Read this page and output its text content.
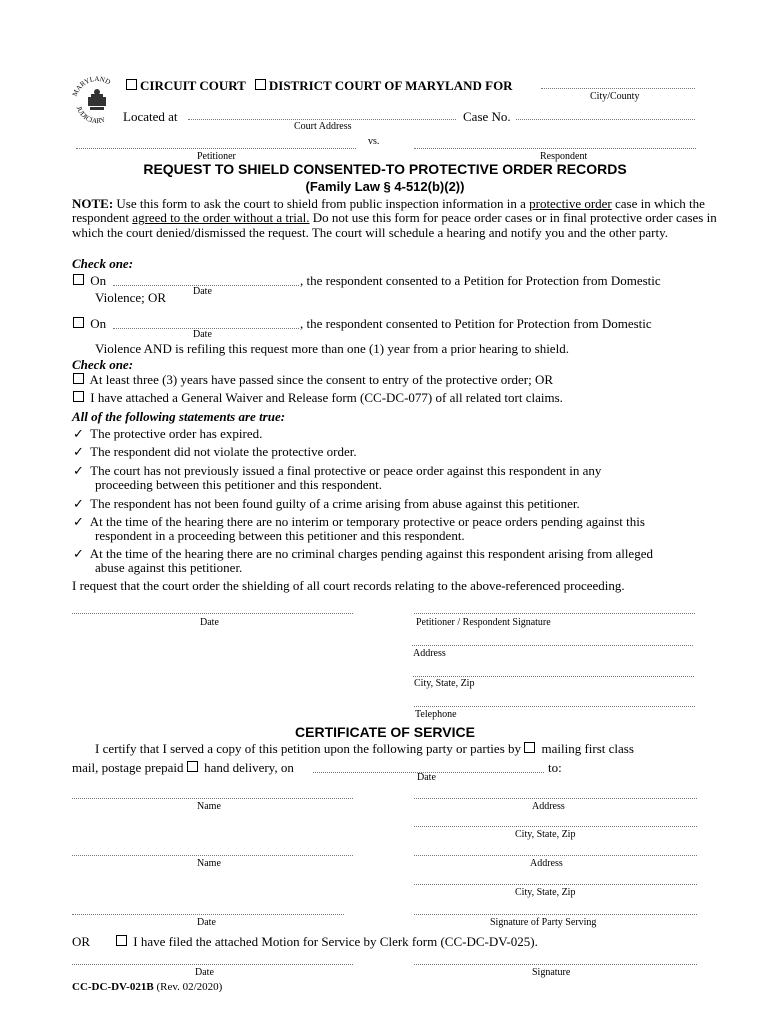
MARYLAND
JUDICIARY
CIRCUIT COURT DISTRICT COURT OF MARYLAND FOR
City/County
Located at
Court Address
Case No.
vs.
Petitioner	Respondent
REQUEST TO SHIELD CONSENTED-TO PROTECTIVE ORDER RECORDS
(Family Law § 4-512(b)(2))
NOTE: Use this form to ask the court to shield from public inspection information in a protective order case in which the respondent agreed to the order without a trial. Do not use this form for peace order cases or in final protective order cases in which the court denied/dismissed the request. The court will schedule a hearing and notify you and the other party.
Check one:
On
Date
, the respondent consented to a Petition for Protection from Domestic
Violence; OR
On
Date
, the respondent consented to Petition for Protection from Domestic
Violence AND is refiling this request more than one (1) year from a prior hearing to shield.
Check one:
At least three (3) years have passed since the consent to entry of the protective order; OR
I have attached a General Waiver and Release form (CC-DC-077) of all related tort claims.
All of the following statements are true:
✓ The protective order has expired.
✓ The respondent did not violate the protective order.
✓ The court has not previously issued a final protective or peace order against this respondent in any
proceeding between this petitioner and this respondent.
✓ The respondent has not been found guilty of a crime arising from abuse against this petitioner.
✓ At the time of the hearing there are no interim or temporary protective or peace orders pending against this
respondent in a proceeding between this petitioner and this respondent.
✓ At the time of the hearing there are no criminal charges pending against this respondent arising from alleged
abuse against this petitioner.
I request that the court order the shielding of all court records relating to the above-referenced proceeding.
Date	Petitioner / Respondent Signature
Address
City, State, Zip
Telephone
CERTIFICATE OF SERVICE
I certify that I served a copy of this petition upon the following party or parties by mailing first class
mail, postage prepaid hand delivery, on
Date
to:
Name	Address
City, State, Zip
Name	Address
City, State, Zip
Date	Signature of Party Serving
OR	I have filed the attached Motion for Service by Clerk form (CC-DC-DV-025).
Date	Signature
CC-DC-DV-021B (Rev. 02/2020)
